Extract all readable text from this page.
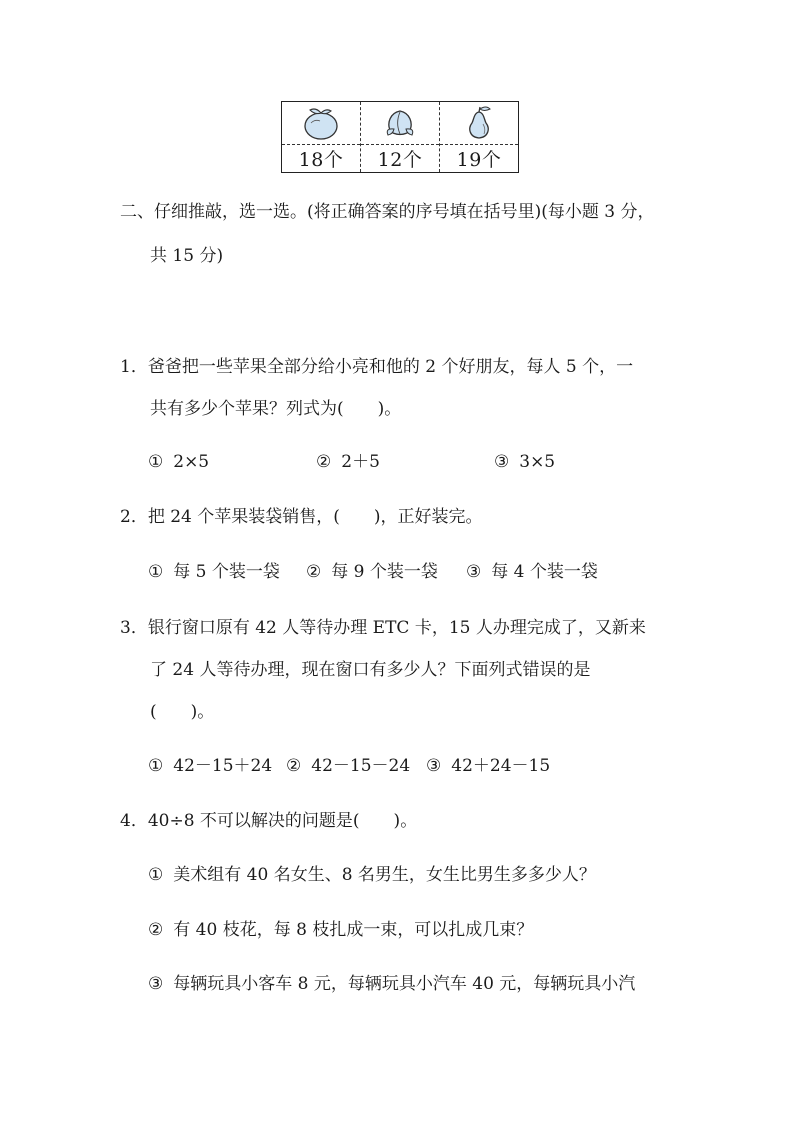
18个	12个	19个
二、仔细推敲，选一选。(将正确答案的序号填在括号里)(每小题 3 分，
共 15 分)
1．爸爸把一些苹果全部分给小亮和他的 2 个好朋友，每人 5 个，一
共有多少个苹果？列式为(　　)。
① 2×5	② 2＋5	③ 3×5
2．把 24 个苹果装袋销售，(　　)，正好装完。
① 每 5 个装一袋 ② 每 9 个装一袋 ③ 每 4 个装一袋
3．银行窗口原有 42 人等待办理 ETC 卡，15 人办理完成了，又新来
了 24 人等待办理，现在窗口有多少人？下面列式错误的是
(　　)。
① 42－15＋24 ② 42－15－24 ③ 42＋24－15
4．40÷8 不可以解决的问题是(　　)。
① 美术组有 40 名女生、8 名男生，女生比男生多多少人？
② 有 40 枝花，每 8 枝扎成一束，可以扎成几束？
③ 每辆玩具小客车 8 元，每辆玩具小汽车 40 元，每辆玩具小汽
